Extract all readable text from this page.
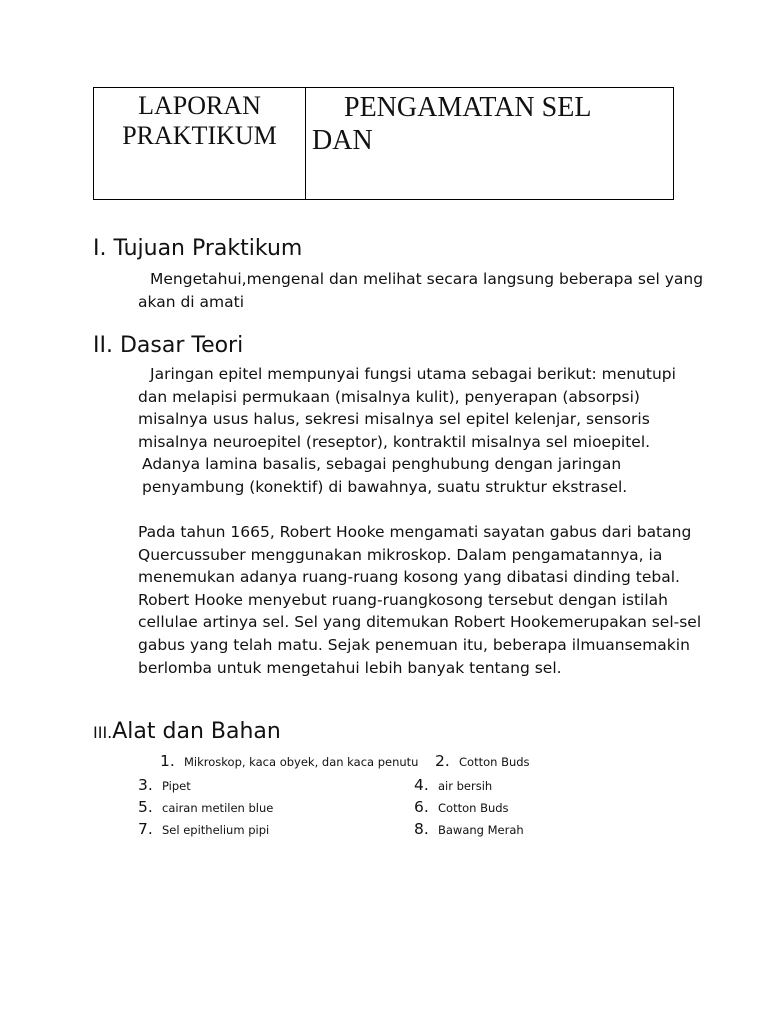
LAPORAN
PRAKTIKUM
PENGAMATAN SEL
DAN
I. Tujuan Praktikum
Mengetahui,mengenal dan melihat secara langsung beberapa sel yang
akan di amati
II. Dasar Teori
Jaringan epitel mempunyai fungsi utama sebagai berikut: menutupi
dan melapisi permukaan (misalnya kulit), penyerapan (absorpsi)
misalnya usus halus, sekresi misalnya sel epitel kelenjar, sensoris
misalnya neuroepitel (reseptor), kontraktil misalnya sel mioepitel.
Adanya lamina basalis, sebagai penghubung dengan jaringan
penyambung (konektif) di bawahnya, suatu struktur ekstrasel.
Pada tahun 1665, Robert Hooke mengamati sayatan gabus dari batang
Quercussuber menggunakan mikroskop. Dalam pengamatannya, ia
menemukan adanya ruang-ruang kosong yang dibatasi dinding tebal.
Robert Hooke menyebut ruang-ruangkosong tersebut dengan istilah
cellulae artinya sel. Sel yang ditemukan Robert Hookemerupakan sel-sel
gabus yang telah matu. Sejak penemuan itu, beberapa ilmuansemakin
berlomba untuk mengetahui lebih banyak tentang sel.
III.Alat dan Bahan
1. Mikroskop, kaca obyek, dan kaca penutu 2. Cotton Buds
3. Pipet	4. air bersih
5. cairan metilen blue	6. Cotton Buds
7. Sel epithelium pipi	8. Bawang Merah
